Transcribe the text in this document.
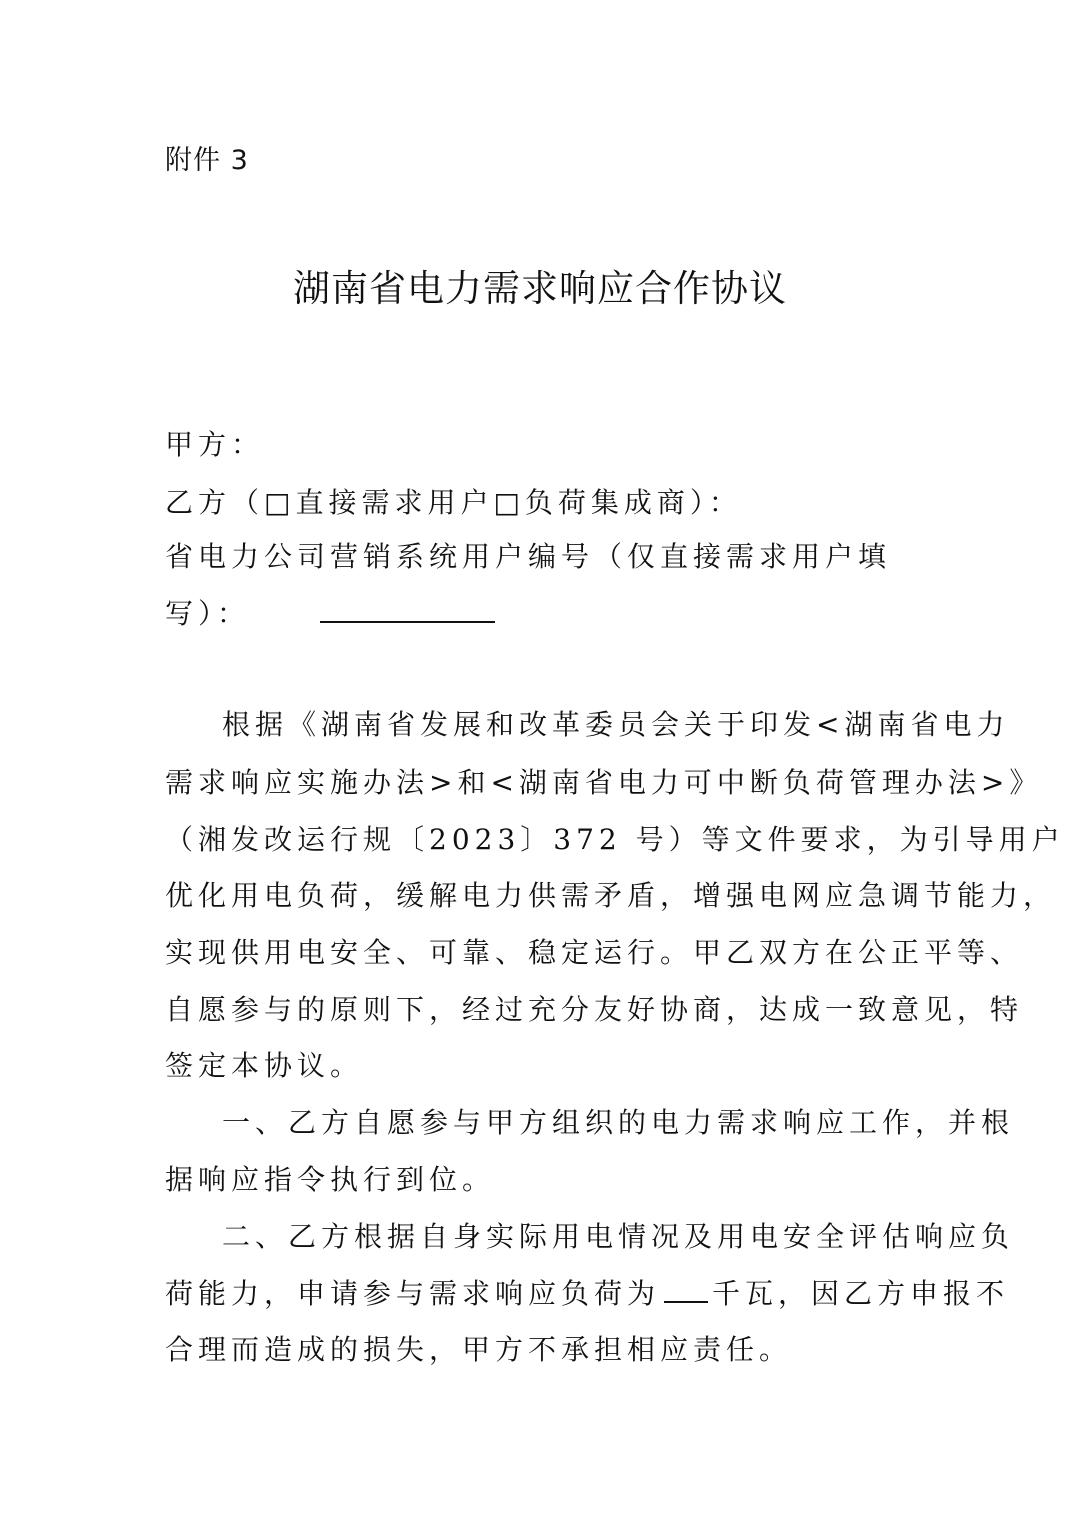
附件 3
湖南省电力需求响应合作协议
甲方：
乙方（□直接需求用户□负荷集成商）：
省电力公司营销系统用户编号（仅直接需求用户填
写）：
根据《湖南省发展和改革委员会关于印发<湖南省电力
需求响应实施办法>和<湖南省电力可中断负荷管理办法>》
（湘发改运行规〔2023〕372 号）等文件要求，为引导用户
优化用电负荷，缓解电力供需矛盾，增强电网应急调节能力，
实现供用电安全、可靠、稳定运行。甲乙双方在公正平等、
自愿参与的原则下，经过充分友好协商，达成一致意见，特
签定本协议。
一、乙方自愿参与甲方组织的电力需求响应工作，并根
据响应指令执行到位。
二、乙方根据自身实际用电情况及用电安全评估响应负
荷能力，申请参与需求响应负荷为 千瓦，因乙方申报不
合理而造成的损失，甲方不承担相应责任。
